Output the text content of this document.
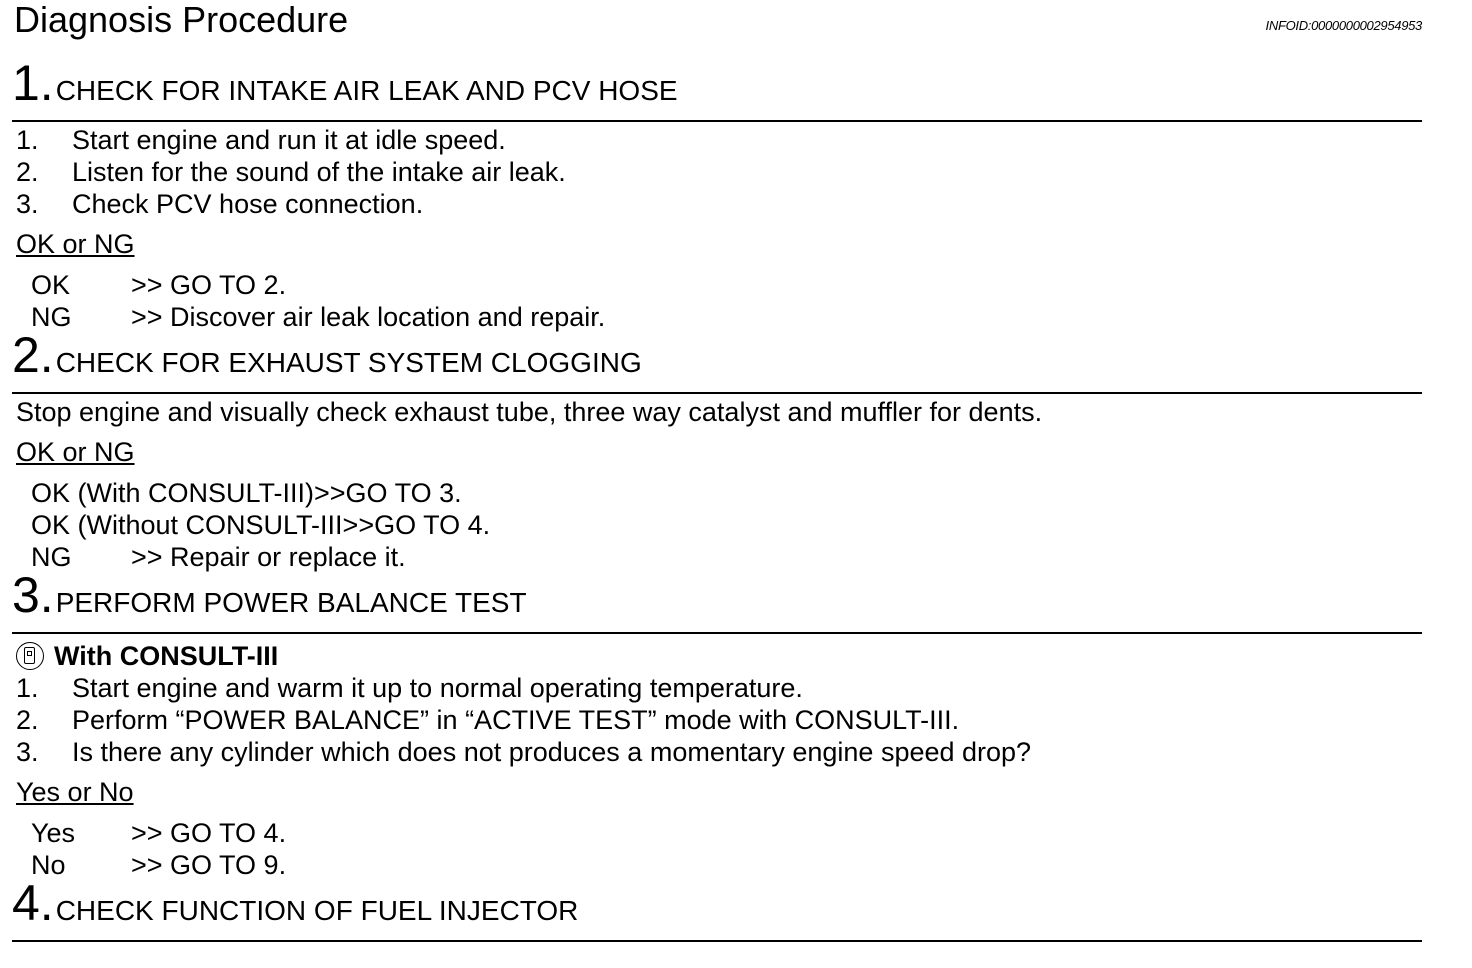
Diagnosis Procedure	INFOID:0000000002954953
1.CHECK FOR INTAKE AIR LEAK AND PCV HOSE
1. Start engine and run it at idle speed.
2. Listen for the sound of the intake air leak.
3. Check PCV hose connection.
OK or NG
OK >> GO TO 2.
NG >> Discover air leak location and repair.
2.CHECK FOR EXHAUST SYSTEM CLOGGING
Stop engine and visually check exhaust tube, three way catalyst and muffler for dents.
OK or NG
OK (With CONSULT-III)>>GO TO 3.
OK (Without CONSULT-III>>GO TO 4.
NG >> Repair or replace it.
3.PERFORM POWER BALANCE TEST
With CONSULT-III
1. Start engine and warm it up to normal operating temperature.
2. Perform “POWER BALANCE” in “ACTIVE TEST” mode with CONSULT-III.
3. Is there any cylinder which does not produces a momentary engine speed drop?
Yes or No
Yes >> GO TO 4.
No >> GO TO 9.
4.CHECK FUNCTION OF FUEL INJECTOR
